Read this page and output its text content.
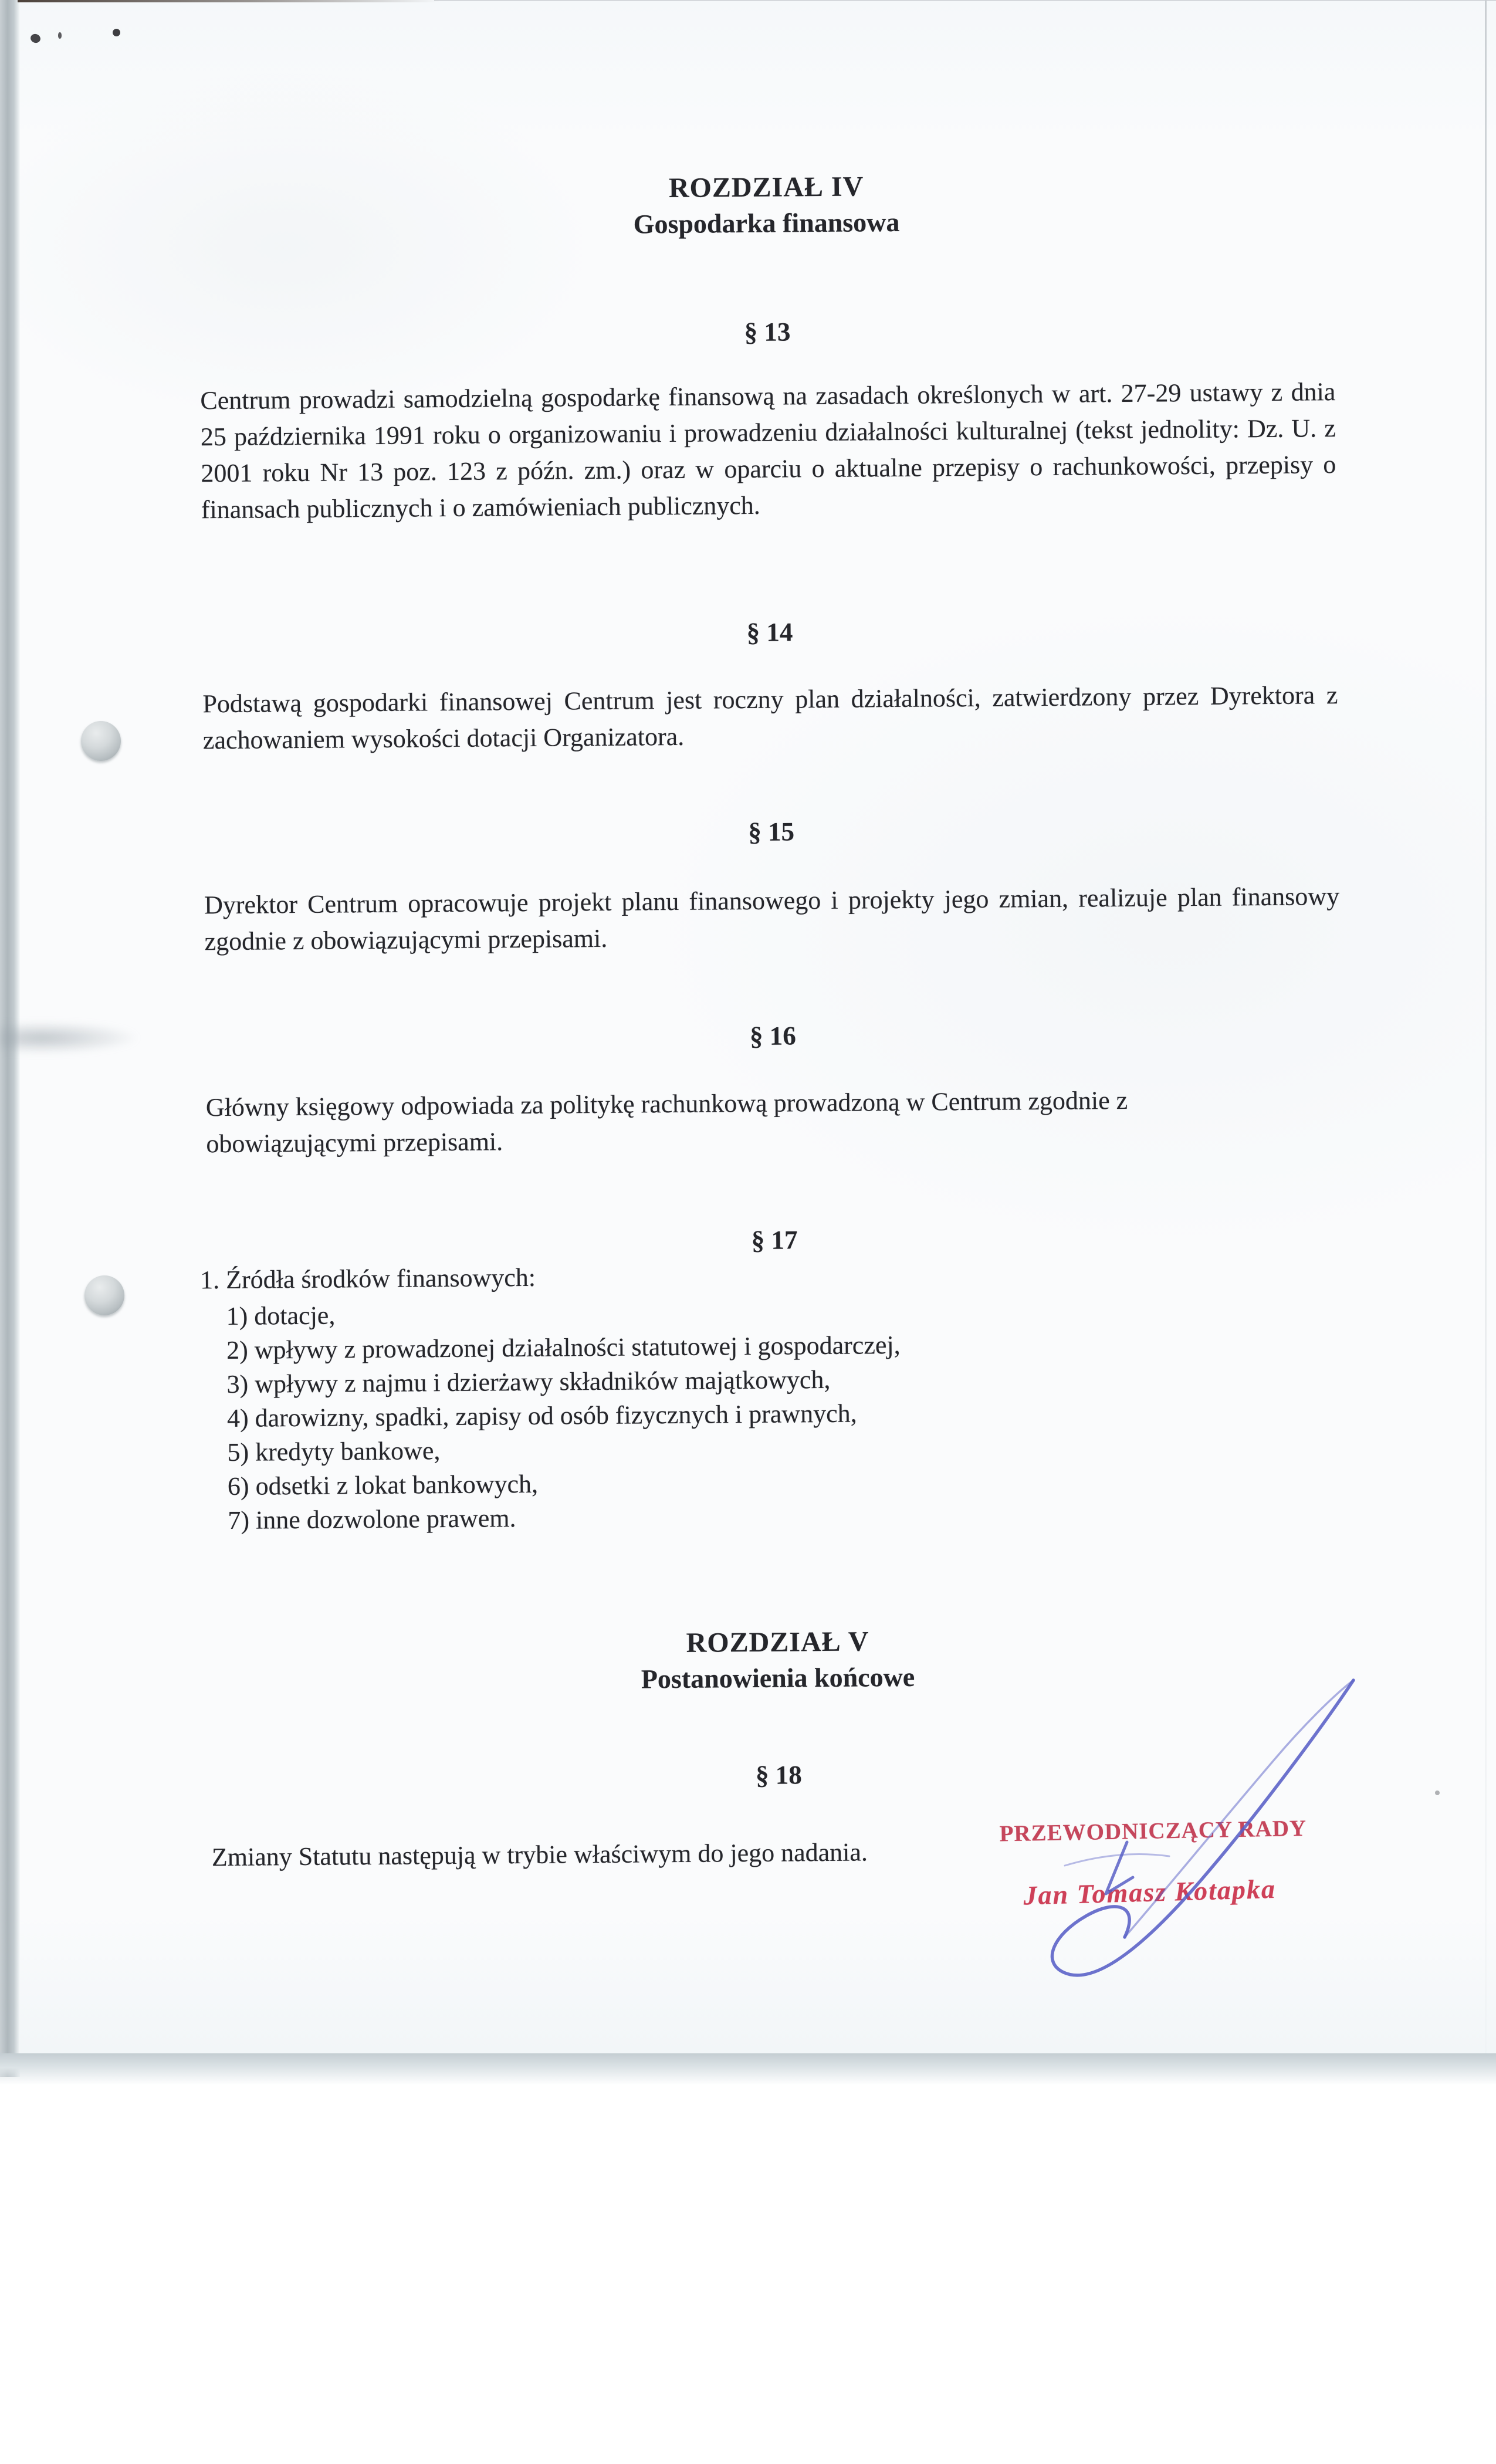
ROZDZIAŁ IV
Gospodarka finansowa
§ 13
Centrum prowadzi samodzielną gospodarkę finansową na zasadach określonych w art. 27-29 ustawy z dnia 25 października 1991 roku o organizowaniu i prowadzeniu działalności kulturalnej (tekst jednolity: Dz. U. z 2001 roku Nr 13 poz. 123 z późn. zm.) oraz w oparciu o aktualne przepisy o rachunkowości, przepisy o finansach publicznych i o zamówieniach publicznych.
§ 14
Podstawą gospodarki finansowej Centrum jest roczny plan działalności, zatwierdzony przez Dyrektora z zachowaniem wysokości dotacji Organizatora.
§ 15
Dyrektor Centrum opracowuje projekt planu finansowego i projekty jego zmian, realizuje plan finansowy zgodnie z obowiązującymi przepisami.
§ 16
Główny księgowy odpowiada za politykę rachunkową prowadzoną w Centrum zgodnie z obowiązującymi przepisami.
§ 17
1. Źródła środków finansowych:
1) dotacje,
2) wpływy z prowadzonej działalności statutowej i gospodarczej,
3) wpływy z najmu i dzierżawy składników majątkowych,
4) darowizny, spadki, zapisy od osób fizycznych i prawnych,
5) kredyty bankowe,
6) odsetki z lokat bankowych,
7) inne dozwolone prawem.
ROZDZIAŁ V
Postanowienia końcowe
§ 18
Zmiany Statutu następują w trybie właściwym do jego nadania.
PRZEWODNICZĄCY RADY
Jan Tomasz Kotapka
